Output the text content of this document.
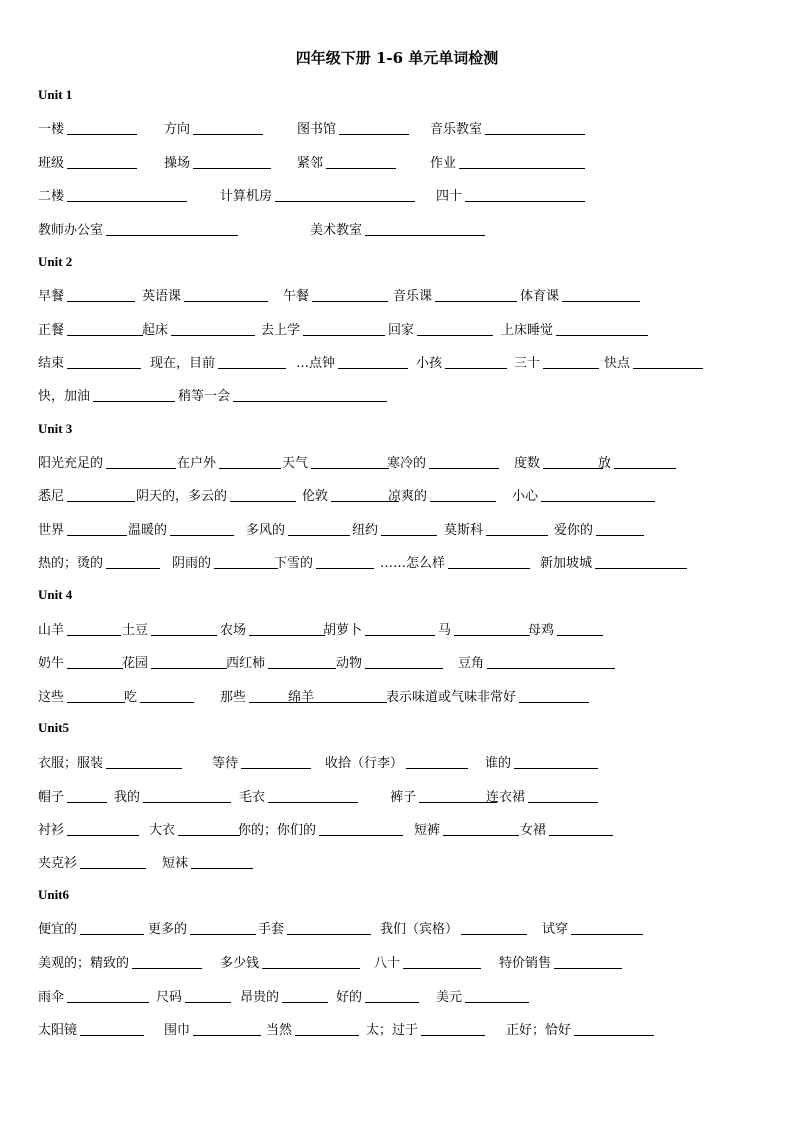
四年级下册 1-6 单元单词检测
Unit 1
一楼	方向	图书馆	音乐教室
班级	操场	紧邻	作业
二楼	计算机房	四十
教师办公室	美术教室
Unit 2
早餐	英语课	午餐	音乐课	体育课
正餐	起床	去上学	回家	上床睡觉
结束	现在，目前	…点钟	小孩	三十	快点
快，加油	稍等一会
Unit 3
阳光充足的	在户外	天气	寒冷的	度数	放
悉尼	阴天的，多云的	伦敦	凉爽的	小心
世界	温暖的	多风的	纽约	莫斯科	爱你的
热的；烫的	阴雨的	下雪的	……怎么样	新加坡城
Unit 4
山羊	土豆	农场	胡萝卜	马	母鸡
奶牛	花园	西红柿	动物	豆角
这些	吃	那些	绵羊	表示味道或气味非常好
Unit5
衣服；服装	等待	收拾（行李）	谁的
帽子	我的	毛衣	裤子	连衣裙
衬衫	大衣	你的；你们的	短裤	女裙
夹克衫	短袜
Unit6
便宜的	更多的	手套	我们（宾格）	试穿
美观的；精致的	多少钱	八十	特价销售
雨伞	尺码	昂贵的	好的	美元
太阳镜	围巾	当然	太；过于	正好；恰好
